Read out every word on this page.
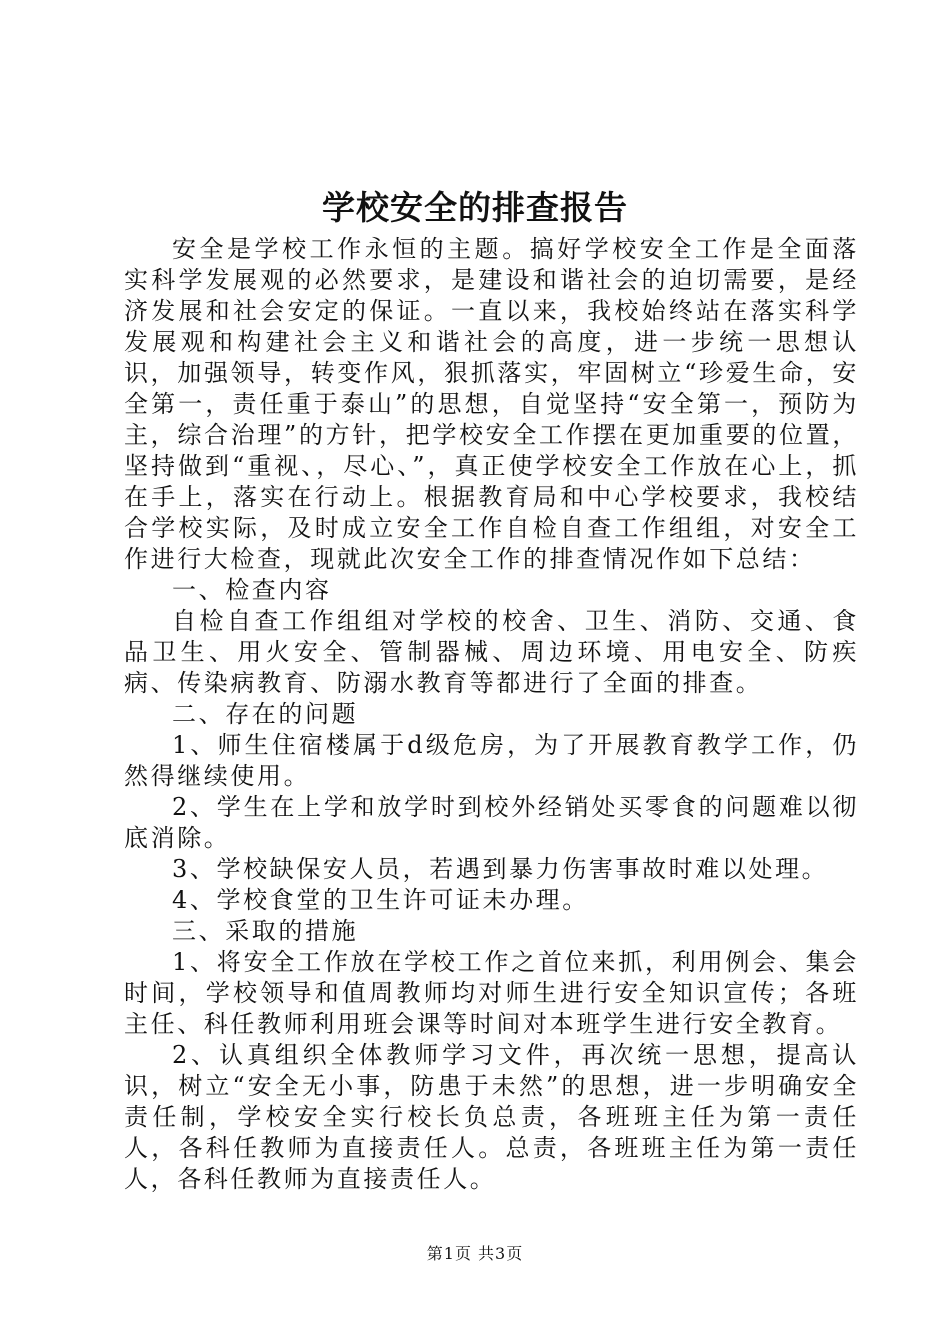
学校安全的排查报告

安全是学校工作永恒的主题。搞好学校安全工作是全面落实科学发展观的必然要求，是建设和谐社会的迫切需要，是经济发展和社会安定的保证。一直以来，我校始终站在落实科学发展观和构建社会主义和谐社会的高度，进一步统一思想认识，加强领导，转变作风，狠抓落实，牢固树立“珍爱生命，安全第一，责任重于泰山”的思想，自觉坚持“安全第一，预防为主，综合治理”的方针，把学校安全工作摆在更加重要的位置，坚持做到“重视、，尽心、”，真正使学校安全工作放在心上，抓在手上，落实在行动上。根据教育局和中心学校要求，我校结合学校实际，及时成立安全工作自检自查工作组组，对安全工作进行大检查，现就此次安全工作的排查情况作如下总结：

一、检查内容

自检自查工作组组对学校的校舍、卫生、消防、交通、食品卫生、用火安全、管制器械、周边环境、用电安全、防疾病、传染病教育、防溺水教育等都进行了全面的排查。

二、存在的问题

1、师生住宿楼属于d级危房，为了开展教育教学工作，仍然得继续使用。

2、学生在上学和放学时到校外经销处买零食的问题难以彻底消除。

3、学校缺保安人员，若遇到暴力伤害事故时难以处理。

4、学校食堂的卫生许可证未办理。

三、采取的措施

1、将安全工作放在学校工作之首位来抓，利用例会、集会时间，学校领导和值周教师均对师生进行安全知识宣传；各班主任、科任教师利用班会课等时间对本班学生进行安全教育。

2、认真组织全体教师学习文件，再次统一思想，提高认识，树立“安全无小事，防患于未然”的思想，进一步明确安全责任制，学校安全实行校长负总责，各班班主任为第一责任人，各科任教师为直接责任人。总责，各班班主任为第一责任人，各科任教师为直接责任人。

第1页 共3页
